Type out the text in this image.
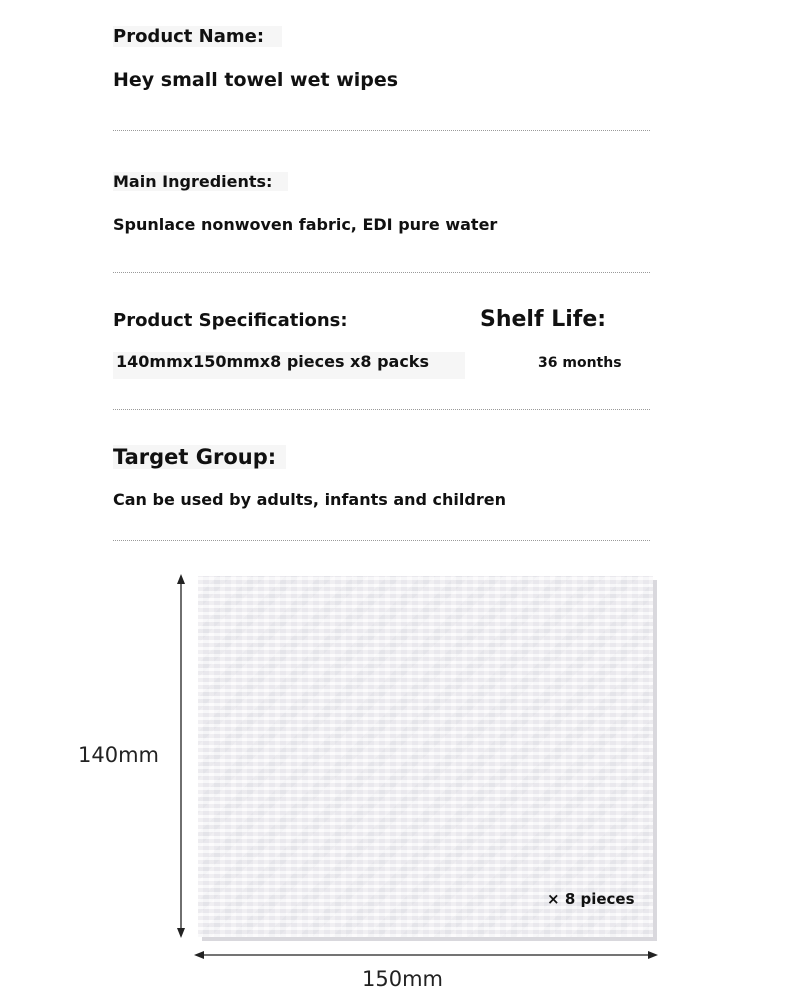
Product Name:
Hey small towel wet wipes
Main Ingredients:
Spunlace nonwoven fabric, EDI pure water
Product Specifications:
140mmx150mmx8 pieces x8 packs
Shelf Life:
36 months
Target Group:
Can be used by adults, infants and children
140mm
150mm
× 8 pieces
